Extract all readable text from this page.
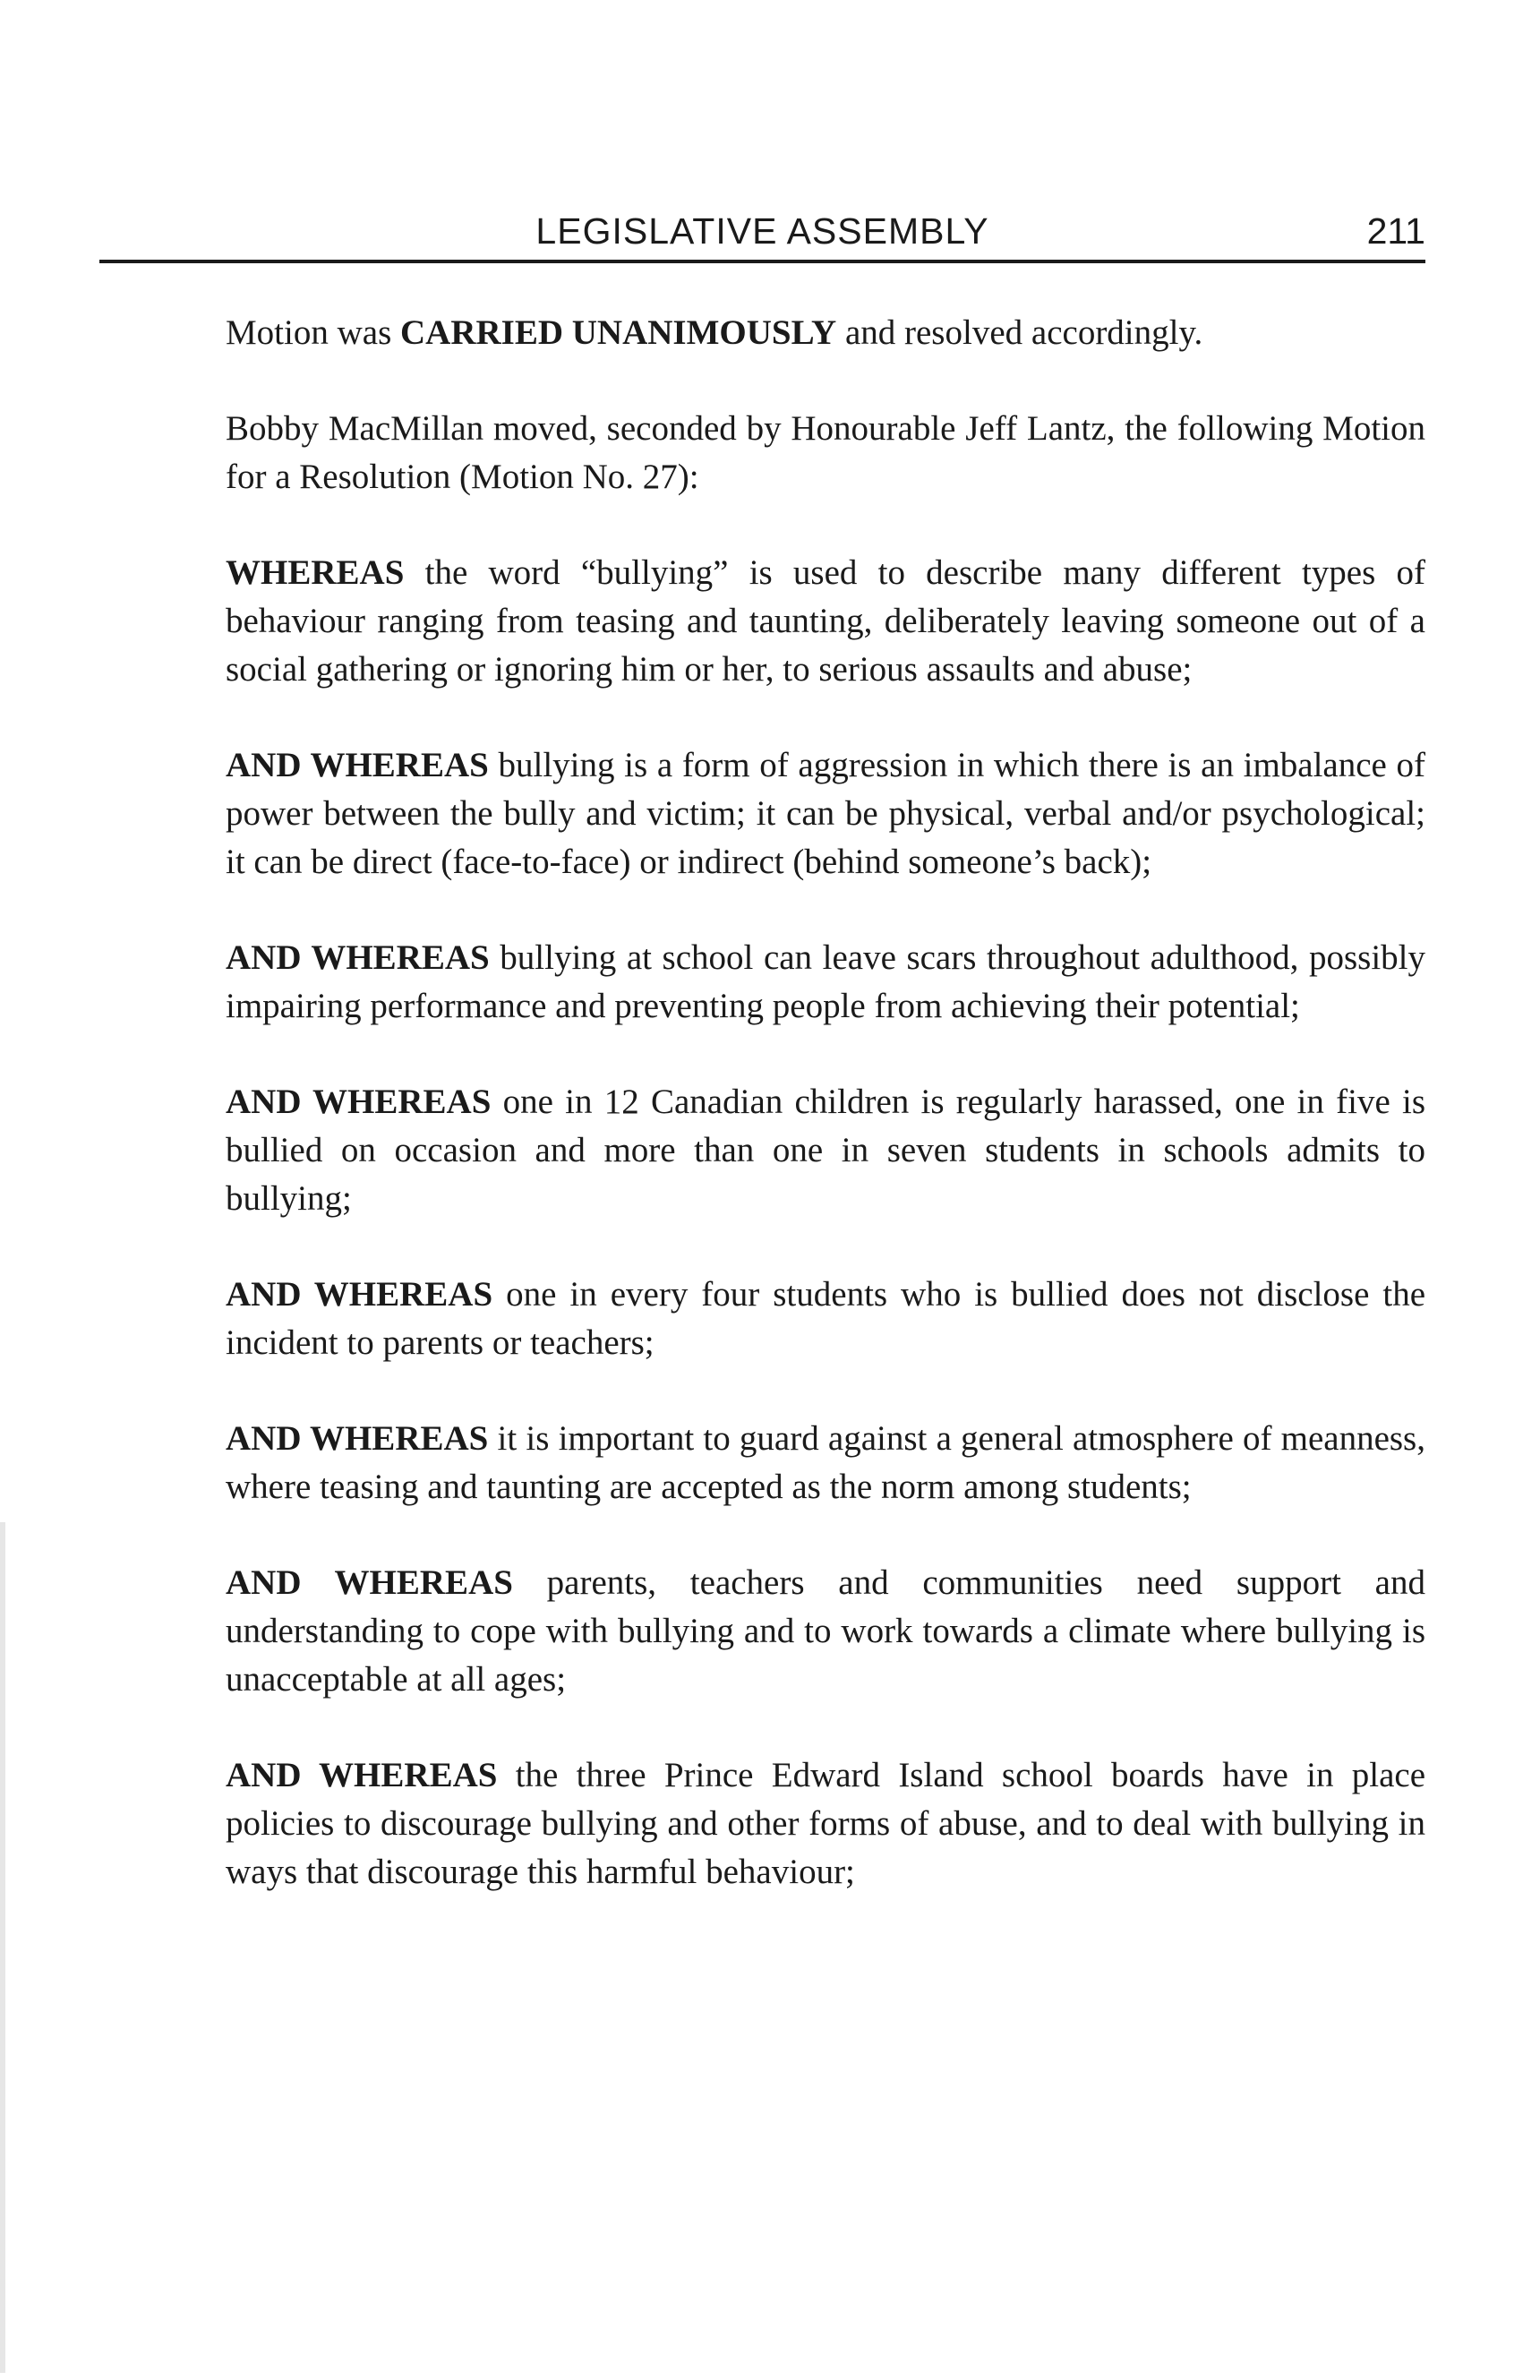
LEGISLATIVE ASSEMBLY	211

Motion was CARRIED UNANIMOUSLY and resolved accordingly.

Bobby MacMillan moved, seconded by Honourable Jeff Lantz, the following Motion for a Resolution (Motion No. 27):

WHEREAS the word “bullying” is used to describe many different types of behaviour ranging from teasing and taunting, deliberately leaving someone out of a social gathering or ignoring him or her, to serious assaults and abuse;

AND WHEREAS bullying is a form of aggression in which there is an imbalance of power between the bully and victim; it can be physical, verbal and/or psychological; it can be direct (face-to-face) or indirect (behind someone’s back);

AND WHEREAS bullying at school can leave scars throughout adulthood, possibly impairing performance and preventing people from achieving their potential;

AND WHEREAS one in 12 Canadian children is regularly harassed, one in five is bullied on occasion and more than one in seven students in schools admits to bullying;

AND WHEREAS one in every four students who is bullied does not disclose the incident to parents or teachers;

AND WHEREAS it is important to guard against a general atmosphere of meanness, where teasing and taunting are accepted as the norm among students;

AND WHEREAS parents, teachers and communities need support and understanding to cope with bullying and to work towards a climate where bullying is unacceptable at all ages;

AND WHEREAS the three Prince Edward Island school boards have in place policies to discourage bullying and other forms of abuse, and to deal with bullying in ways that discourage this harmful behaviour;
